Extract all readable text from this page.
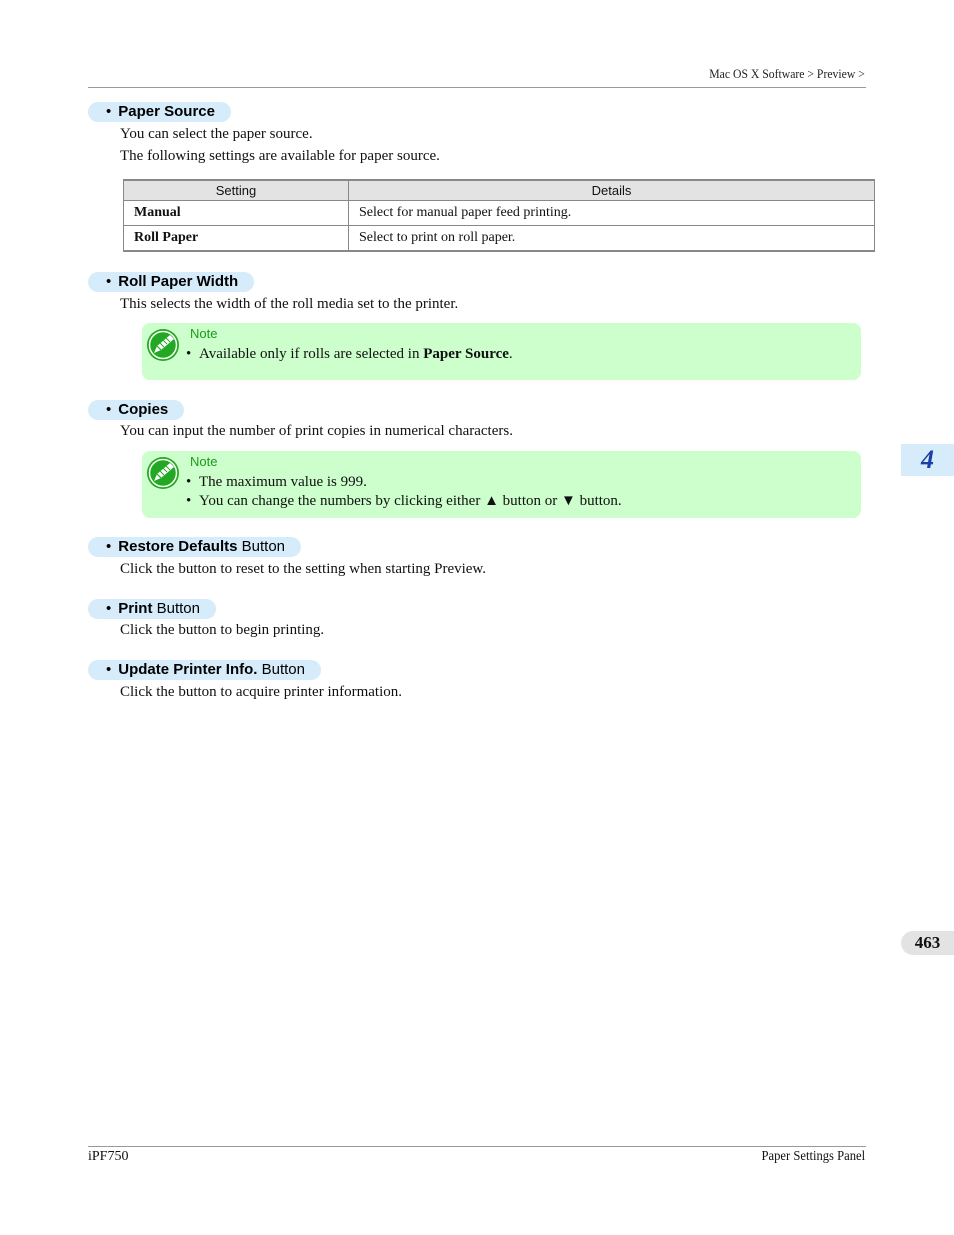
Mac OS X Software > Preview >
• Paper Source
You can select the paper source.
The following settings are available for paper source.
Setting	Details
Manual	Select for manual paper feed printing.
Roll Paper	Select to print on roll paper.
• Roll Paper Width
This selects the width of the roll media set to the printer.
Note
• Available only if rolls are selected in Paper Source.
• Copies
You can input the number of print copies in numerical characters.
Note
• The maximum value is 999.
• You can change the numbers by clicking either ▲ button or ▼ button.
• Restore Defaults Button
Click the button to reset to the setting when starting Preview.
• Print Button
Click the button to begin printing.
• Update Printer Info. Button
Click the button to acquire printer information.
4
463
iPF750	Paper Settings Panel
